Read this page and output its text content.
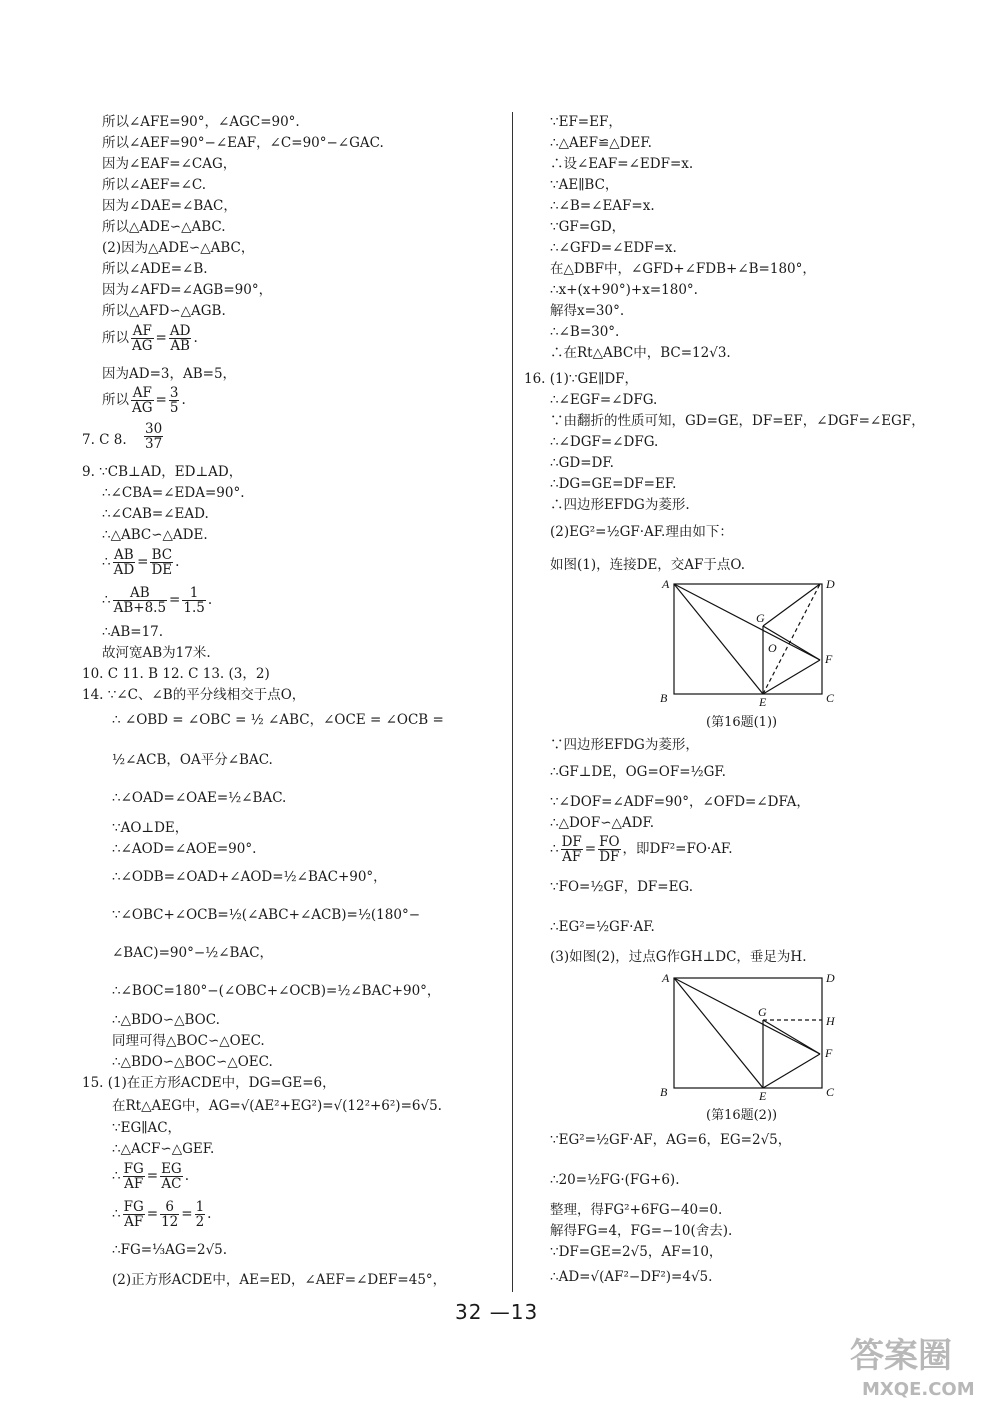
所以∠AFE=90°，∠AGC=90°.
所以∠AEF=90°−∠EAF，∠C=90°−∠GAC.
因为∠EAF=∠CAG，
所以∠AEF=∠C.
因为∠DAE=∠BAC，
所以△ADE∽△ABC.
(2)因为△ADE∽△ABC，
所以∠ADE=∠B.
因为∠AFD=∠AGB=90°，
所以△AFD∽△AGB.
因为AD=3，AB=5，
7. C 8.
9. ∵CB⊥AD，ED⊥AD，
∴∠CBA=∠EDA=90°.
∴∠CAB=∠EAD.
∴△ABC∽△ADE.
∴AB=17.
故河宽AB为17米.
10. C 11. B 12. C 13. (3，2)
14. ∵∠C、∠B的平分线相交于点O，
∴ ∠OBD = ∠OBC = ½ ∠ABC，∠OCE = ∠OCB =
½∠ACB，OA平分∠BAC.
∴∠OAD=∠OAE=½∠BAC.
∵AO⊥DE，
∴∠AOD=∠AOE=90°.
∴∠ODB=∠OAD+∠AOD=½∠BAC+90°，
∵∠OBC+∠OCB=½(∠ABC+∠ACB)=½(180°−
∠BAC)=90°−½∠BAC，
∴∠BOC=180°−(∠OBC+∠OCB)=½∠BAC+90°，
∴△BDO∽△BOC.
同理可得△BOC∽△OEC.
∴△BDO∽△BOC∽△OEC.
15. (1)在正方形ACDE中，DG=GE=6，
在Rt△AEG中，AG=√(AE²+EG²)=√(12²+6²)=6√5.
∵EG∥AC，
∴△ACF∽△GEF.
∴FG=⅓AG=2√5.
(2)正方形ACDE中，AE=ED，∠AEF=∠DEF=45°，
所以 $\frac{AF}{AG} = \frac{AD}{AB}$ .
所以 $\frac{AF}{AG} = \frac{3}{5}$ .
$\frac{30}{37}$
∴ $\frac{AB}{AD} = \frac{BC}{DE}$ .
∴ $\frac{AB}{AB+8.5} = \frac{1}{1.5}$ .
∴ $\frac{FG}{AF} = \frac{EG}{AC}$ .
∴ $\frac{FG}{AF} = \frac{6}{12} = \frac{1}{2}$ .
∵EF=EF，
∴△AEF≌△DEF.
∴设∠EAF=∠EDF=x.
∵AE∥BC，
∴∠B=∠EAF=x.
∵GF=GD，
∴∠GFD=∠EDF=x.
在△DBF中，∠GFD+∠FDB+∠B=180°，
∴x+(x+90°)+x=180°.
解得x=30°.
∴∠B=30°.
∴在Rt△ABC中，BC=12√3.
16. (1)∵GE∥DF，
∴∠EGF=∠DFG.
∵由翻折的性质可知，GD=GE，DF=EF，∠DGF=∠EGF，
∴∠DGF=∠DFG.
∴GD=DF.
∴DG=GE=DF=EF.
∴四边形EFDG为菱形.
(2)EG²=½GF·AF.理由如下：
如图(1)，连接DE，交AF于点O.
∵四边形EFDG为菱形，
∴GF⊥DE，OG=OF=½GF.
∵∠DOF=∠ADF=90°，∠OFD=∠DFA，
∴△DOF∽△ADF.
∵FO=½GF，DF=EG.
∴EG²=½GF·AF.
(3)如图(2)，过点G作GH⊥DC，垂足为H.
∵EG²=½GF·AF，AG=6，EG=2√5，
∴20=½FG·(FG+6).
整理，得FG²+6FG−40=0.
解得FG=4，FG=−10(舍去).
∵DF=GE=2√5，AF=10，
∴AD=√(AF²−DF²)=4√5.
∴ $\frac{DF}{AF} = \frac{FO}{DF}$ ，即DF²=FO·AF.
A	D
G
O
F
B	E	C
(第16题(1))
A	D
G
H
F
B	E	C
(第16题(2))
32 —13
答案圈
MXQE.COM
